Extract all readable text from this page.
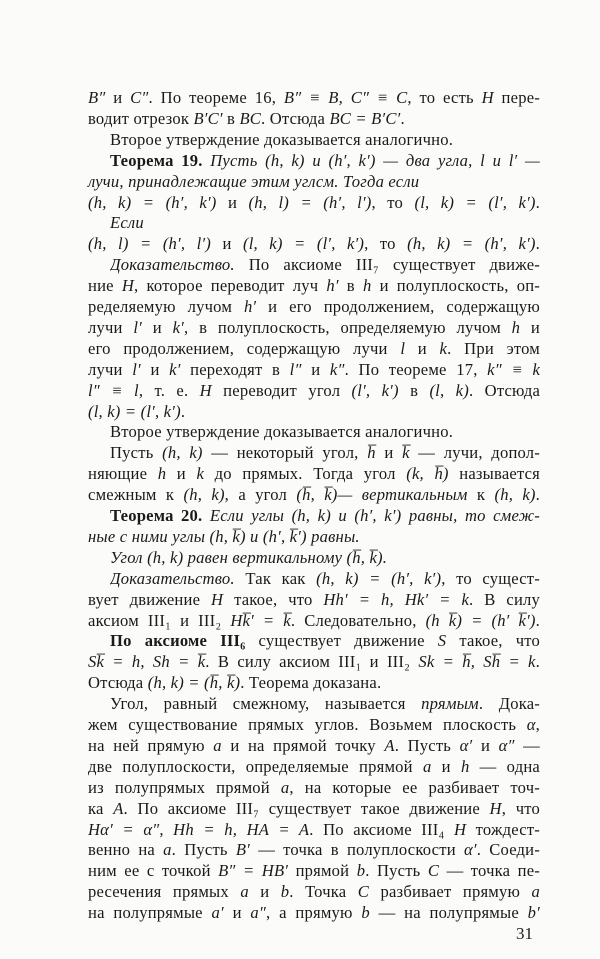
B″ и C″. По теореме 16, B″ ≡ B, C″ ≡ C, то есть H пере-
водит отрезок B′C′ в BC. Отсюда BC = B′C′.
Второе утверждение доказывается аналогично.
Теорема 19. Пусть (h, k) и (h′, k′) — два угла, l и l′ —
лучи, принадлежащие этим углсм. Тогда если
(h, k) = (h′, k′) и (h, l) = (h′, l′), то (l, k) = (l′, k′).
Если
(h, l) = (h′, l′) и (l, k) = (l′, k′), то (h, k) = (h′, k′).
Доказательство. По аксиоме III₇ существует движе-
ние H, которое переводит луч h′ в h и полуплоскость, оп-
ределяемую лучом h′ и его продолжением, содержащую
лучи l′ и k′, в полуплоскость, определяемую лучом h и
его продолжением, содержащую лучи l и k. При этом
лучи l′ и k′ переходят в l″ и k″. По теореме 17, k″ ≡ k
l″ ≡ l, т. е. H переводит угол (l′, k′) в (l, k). Отсюда
(l, k) = (l′, k′).
Второе утверждение доказывается аналогично.
Пусть (h, k) — некоторый угол, h̅ и k̅ — лучи, допол-
няющие h и k до прямых. Тогда угол (k, h̅) называется
смежным к (h, k), а угол (h̅, k̅)— вертикальным к (h, k).
Теорема 20. Если углы (h, k) и (h′, k′) равны, то смеж-
ные с ними углы (h, k̅) и (h′, k̅′) равны.
Угол (h, k) равен вертикальному (h̅, k̅).
Доказательство. Так как (h, k) = (h′, k′), то сущест-
вует движение H такое, что Hh′ = h, Hk′ = k. В силу
аксиом III₁ и III₂ Hk̅′ = k̅. Следовательно, (h k̅) = (h′ k̅′).
По аксиоме III₆ существует движение S такое, что
Sk̅ = h, Sh = k̅. В силу аксиом III₁ и III₂ Sk = h̅, Sh̅ = k.
Отсюда (h, k) = (h̅, k̅). Теорема доказана.
Угол, равный смежному, называется прямым. Дока-
жем существование прямых углов. Возьмем плоскость α,
на ней прямую a и на прямой точку A. Пусть α′ и α″ —
две полуплоскости, определяемые прямой a и h — одна
из полупрямых прямой a, на которые ее разбивает точ-
ка A. По аксиоме III₇ существует такое движение H, что
Hα′ = α″, Hh = h, HA = A. По аксиоме III₄ H тождест-
венно на a. Пусть B′ — точка в полуплоскости α′. Соеди-
ним ее с точкой B″ = HB′ прямой b. Пусть C — точка пе-
ресечения прямых a и b. Точка C разбивает прямую a
на полупрямые a′ и a″, а прямую b — на полупрямые b′
31
